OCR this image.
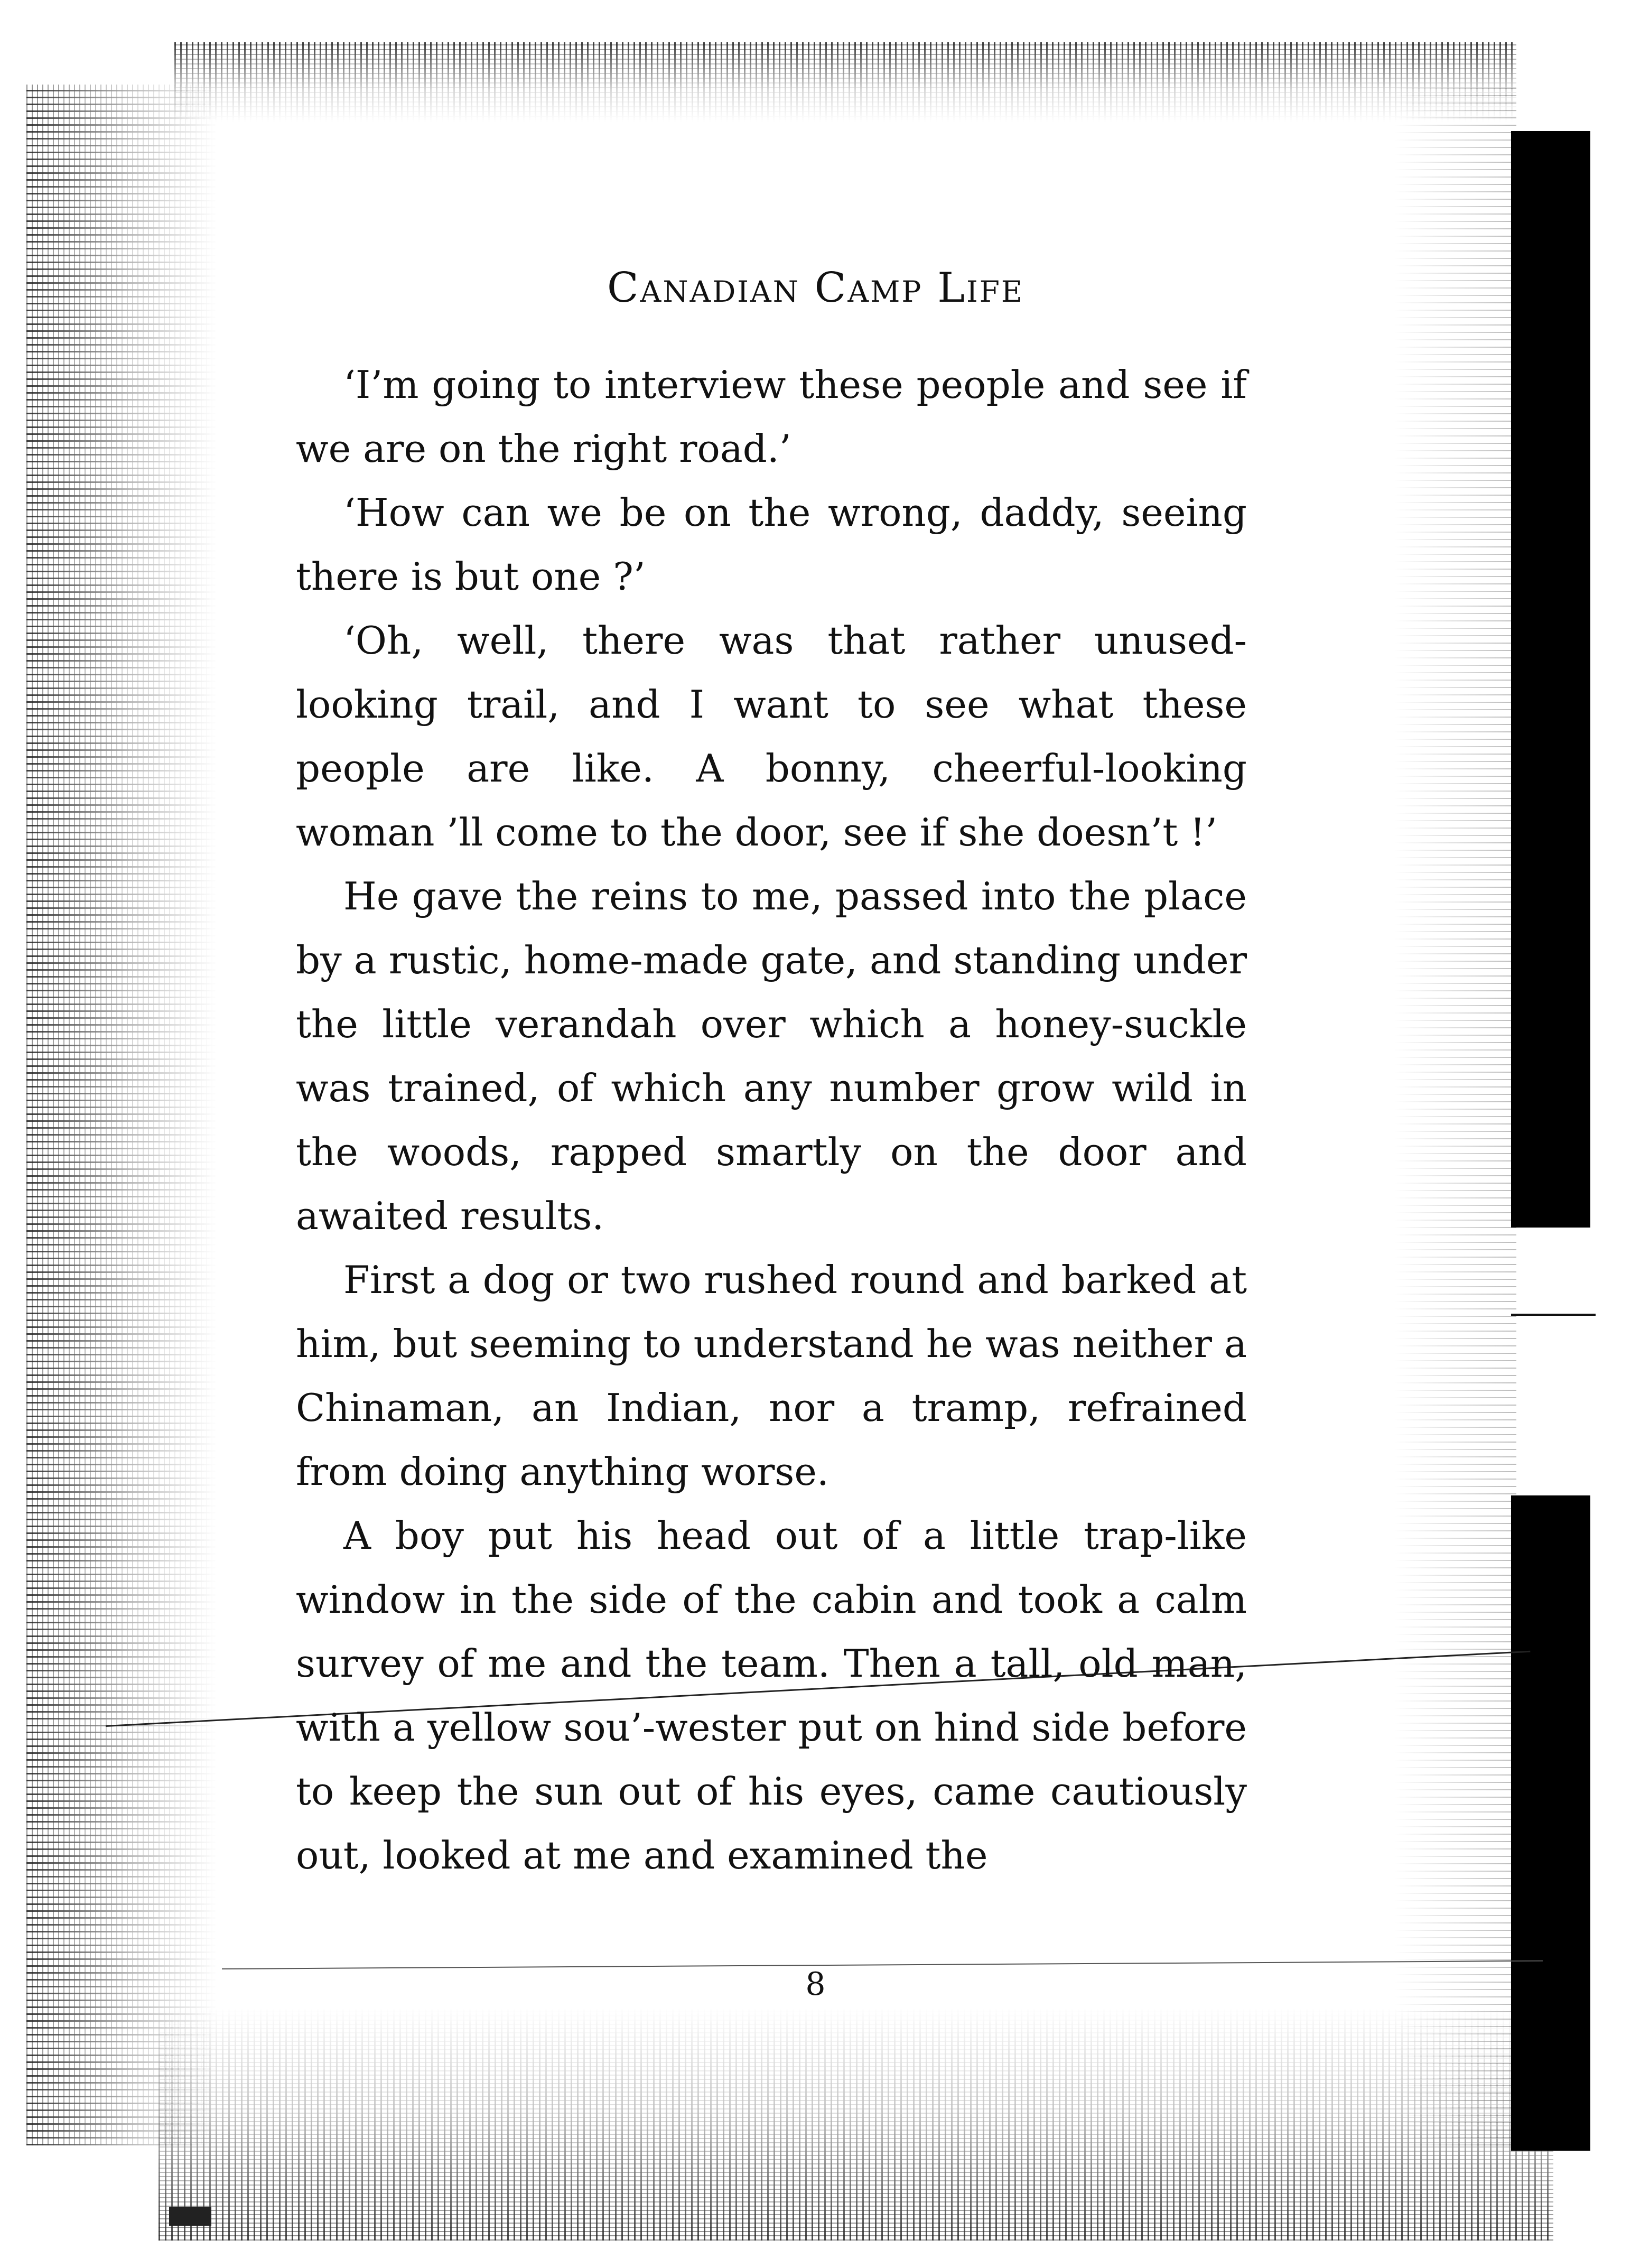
Canadian Camp Life

‘I’m going to interview these people and see if we are on the right road.’

‘How can we be on the wrong, daddy, seeing there is but one ?’

‘Oh, well, there was that rather unused-looking trail, and I want to see what these people are like. A bonny, cheerful-looking woman ’ll come to the door, see if she doesn’t !’

He gave the reins to me, passed into the place by a rustic, home-made gate, and standing under the little verandah over which a honey-suckle was trained, of which any number grow wild in the woods, rapped smartly on the door and awaited results.

First a dog or two rushed round and barked at him, but seeming to understand he was neither a Chinaman, an Indian, nor a tramp, refrained from doing anything worse.

A boy put his head out of a little trap-like window in the side of the cabin and took a calm survey of me and the team. Then a tall, old man, with a yellow sou’-wester put on hind side before to keep the sun out of his eyes, came cautiously out, looked at me and examined the

8
